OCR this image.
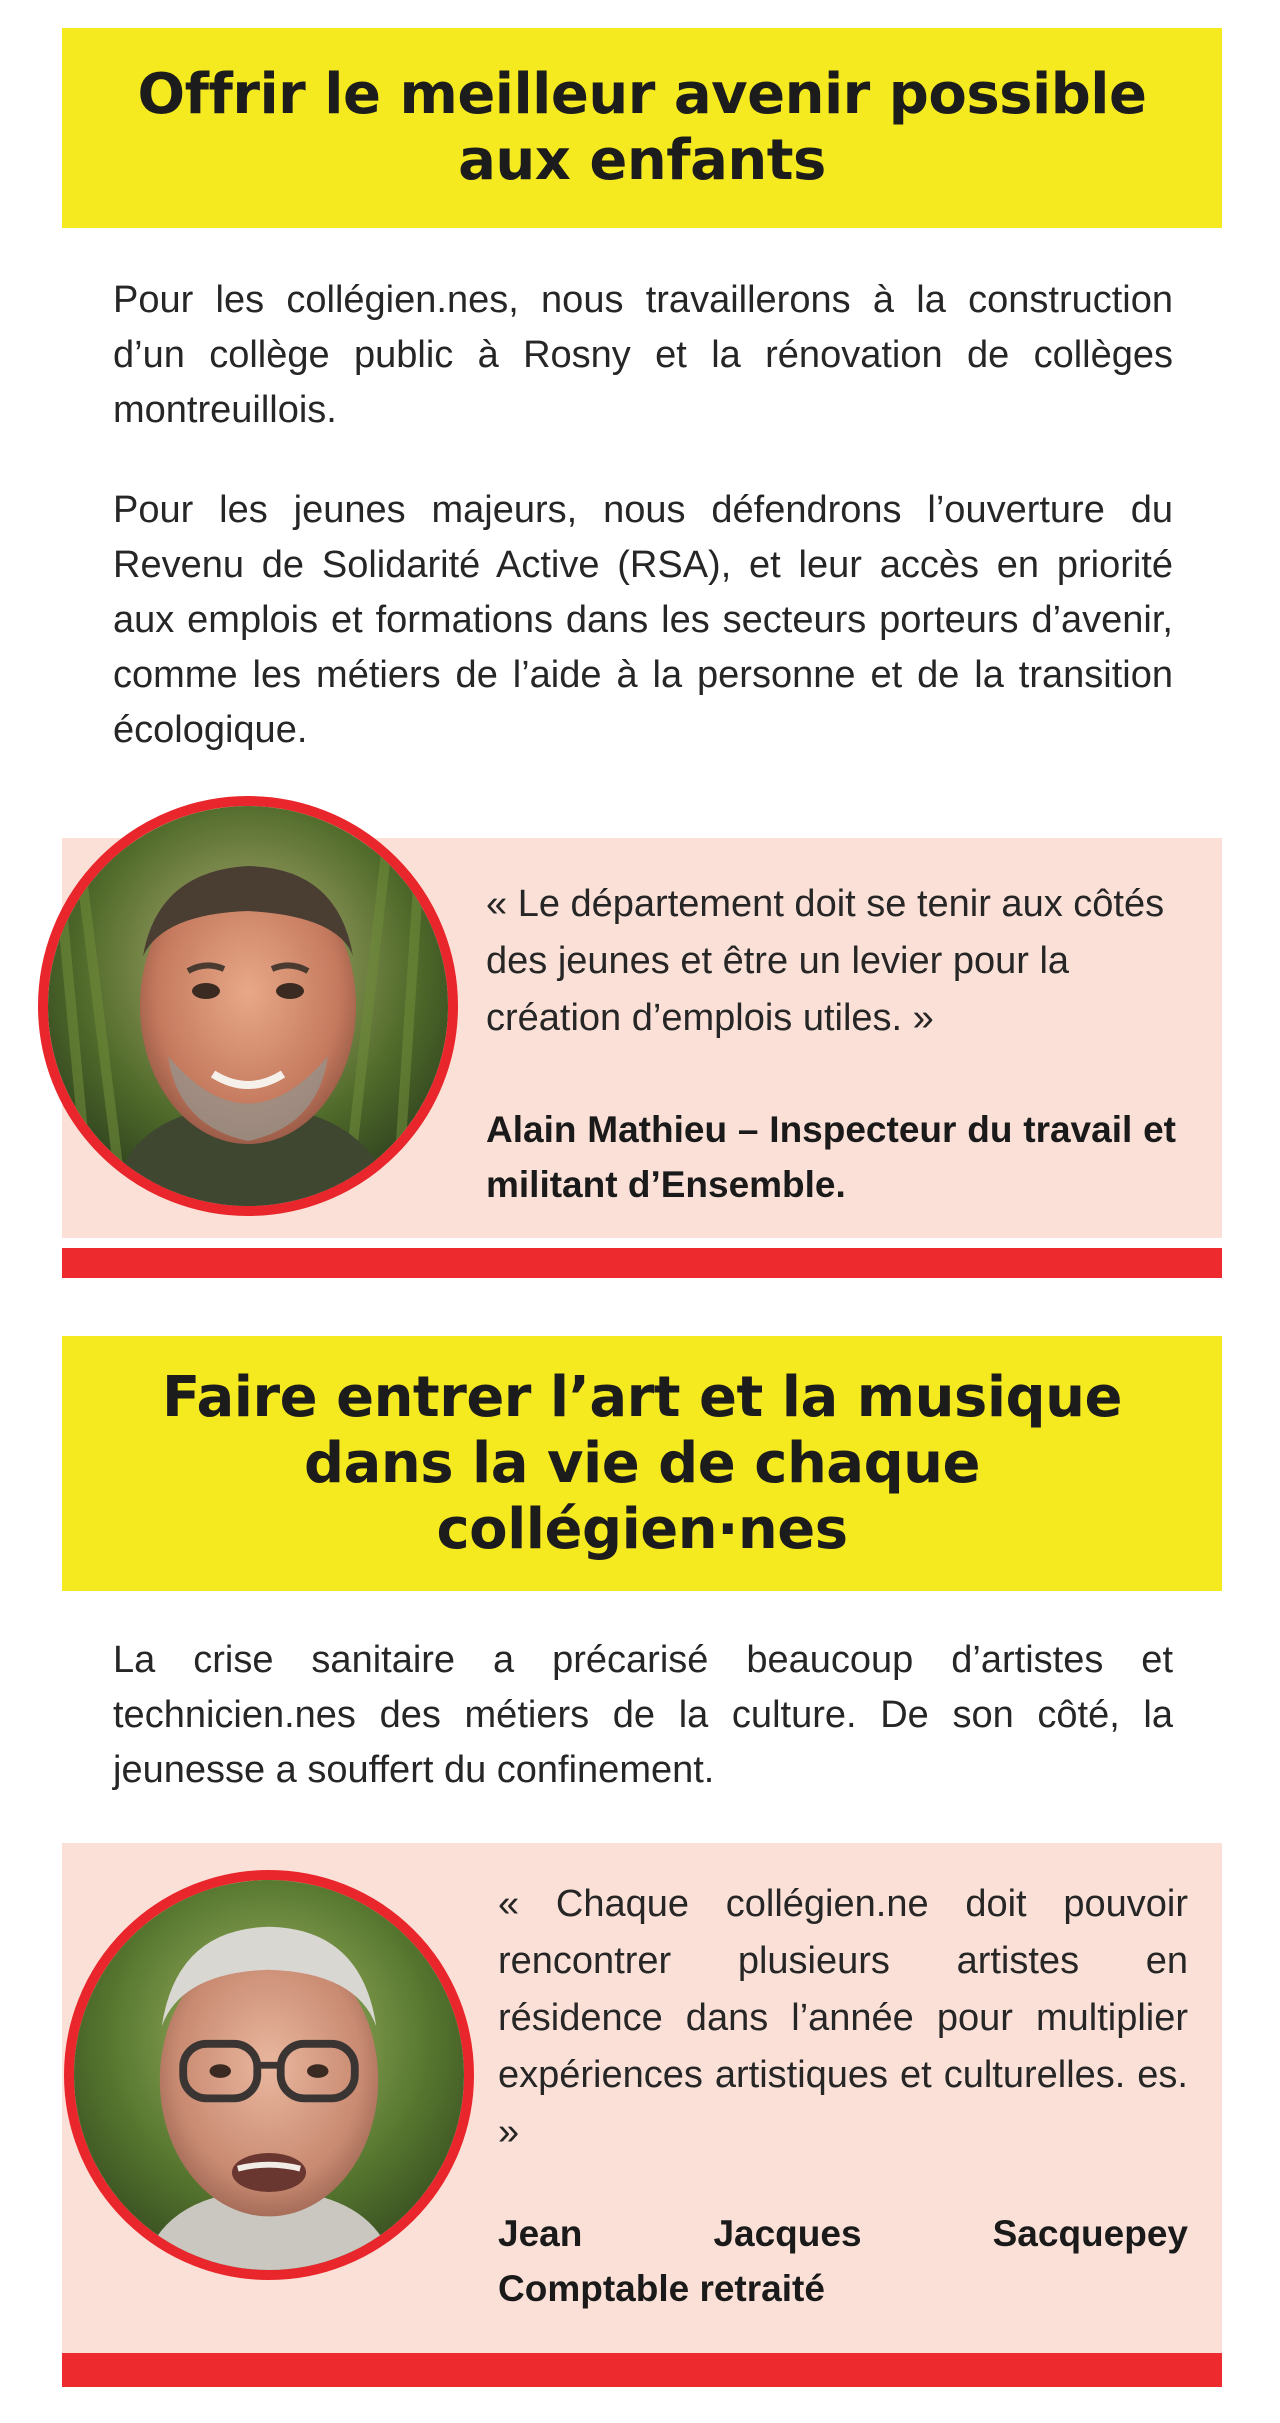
Offrir le meilleur avenir possible aux enfants

Pour les collégien.nes, nous travaillerons à la construction d’un collège public à Rosny et la rénovation de collèges montreuillois.

Pour les jeunes majeurs, nous défendrons l’ouverture du Revenu de Solidarité Active (RSA), et leur accès en priorité aux emplois et formations dans les secteurs porteurs d’avenir, comme les métiers de l’aide à la personne et de la transition écologique.

« Le département doit se tenir aux côtés des jeunes et être un levier pour la création d’emplois utiles. »

Alain Mathieu – Inspecteur du travail et militant d’Ensemble.

Faire entrer l’art et la musique dans la vie de chaque collégien·nes

La crise sanitaire a précarisé beaucoup d’artistes et technicien.nes des métiers de la culture. De son côté, la jeunesse a souffert du confinement.

« Chaque collégien.ne doit pouvoir rencontrer plusieurs artistes en résidence dans l’année pour multiplier expériences artistiques et culturelles. es. »

Jean	Jacques	Sacquepey
Comptable retraité
